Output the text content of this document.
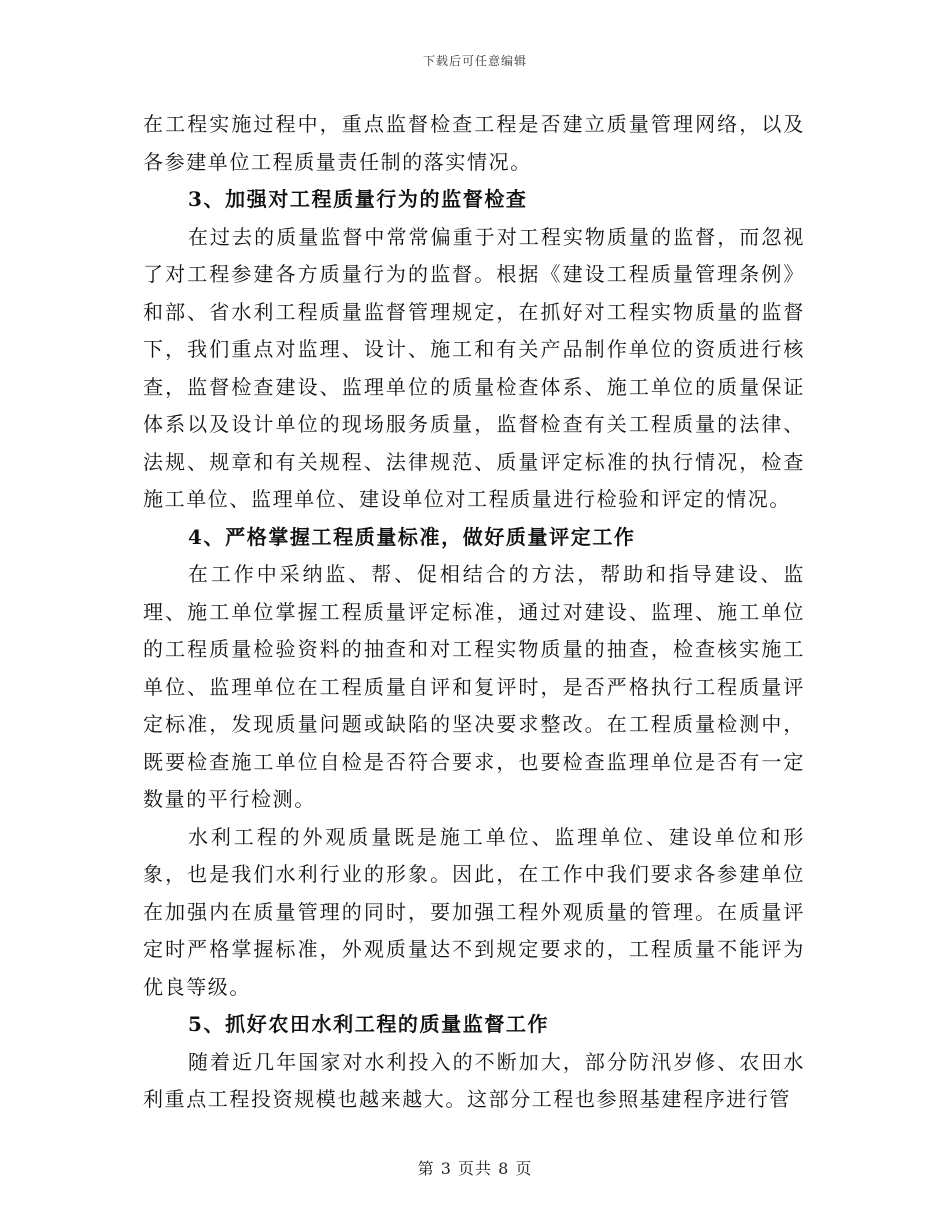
下载后可任意编辑

在工程实施过程中，重点监督检查工程是否建立质量管理网络，以及各参建单位工程质量责任制的落实情况。

3、加强对工程质量行为的监督检查

在过去的质量监督中常常偏重于对工程实物质量的监督，而忽视了对工程参建各方质量行为的监督。根据《建设工程质量管理条例》和部、省水利工程质量监督管理规定，在抓好对工程实物质量的监督下，我们重点对监理、设计、施工和有关产品制作单位的资质进行核查，监督检查建设、监理单位的质量检查体系、施工单位的质量保证体系以及设计单位的现场服务质量，监督检查有关工程质量的法律、法规、规章和有关规程、法律规范、质量评定标准的执行情况，检查施工单位、监理单位、建设单位对工程质量进行检验和评定的情况。

4、严格掌握工程质量标准，做好质量评定工作

在工作中采纳监、帮、促相结合的方法，帮助和指导建设、监理、施工单位掌握工程质量评定标准，通过对建设、监理、施工单位的工程质量检验资料的抽查和对工程实物质量的抽查，检查核实施工单位、监理单位在工程质量自评和复评时，是否严格执行工程质量评定标准，发现质量问题或缺陷的坚决要求整改。在工程质量检测中，既要检查施工单位自检是否符合要求，也要检查监理单位是否有一定数量的平行检测。

水利工程的外观质量既是施工单位、监理单位、建设单位和形象，也是我们水利行业的形象。因此，在工作中我们要求各参建单位在加强内在质量管理的同时，要加强工程外观质量的管理。在质量评定时严格掌握标准，外观质量达不到规定要求的，工程质量不能评为优良等级。

5、抓好农田水利工程的质量监督工作

随着近几年国家对水利投入的不断加大，部分防汛岁修、农田水利重点工程投资规模也越来越大。这部分工程也参照基建程序进行管

第 3 页共 8 页
